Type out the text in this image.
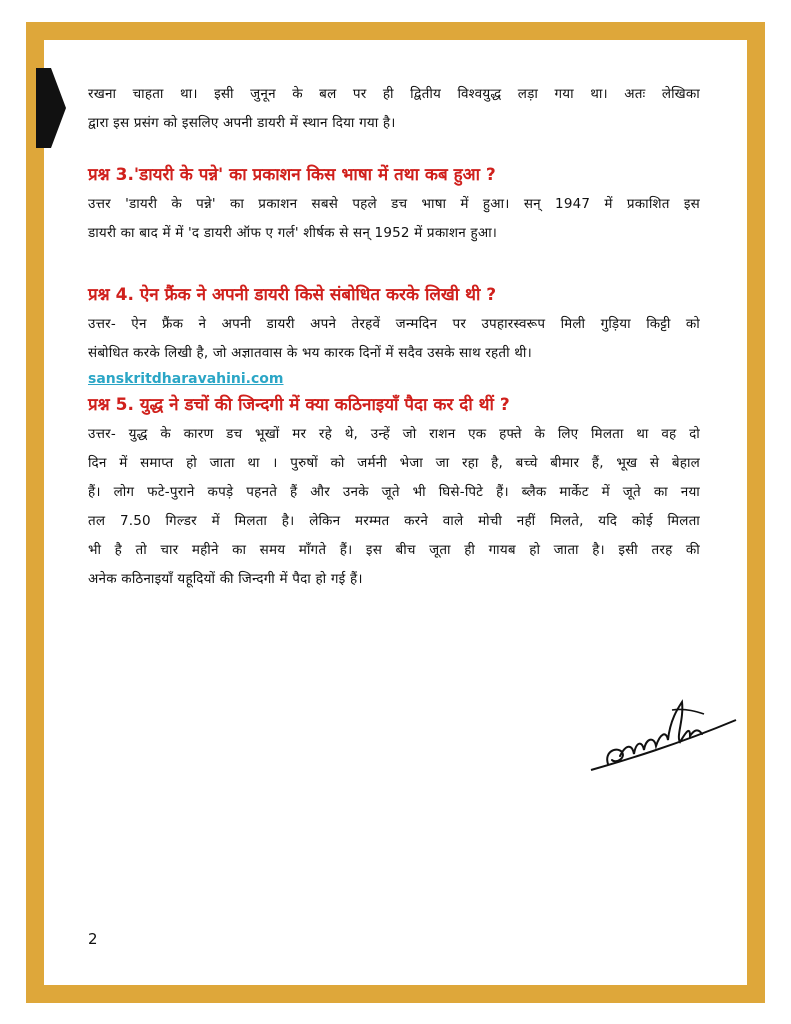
रखना चाहता था। इसी जुनून के बल पर ही द्वितीय विश्वयुद्ध लड़ा गया था। अतः लेखिका
द्वारा इस प्रसंग को इसलिए अपनी डायरी में स्थान दिया गया है।
प्रश्न 3.'डायरी के पन्ने' का प्रकाशन किस भाषा में तथा कब हुआ ?
उत्तर 'डायरी के पन्ने' का प्रकाशन सबसे पहले डच भाषा में हुआ। सन् 1947 में प्रकाशित इस
डायरी का बाद में में 'द डायरी ऑफ ए गर्ल' शीर्षक से सन् 1952 में प्रकाशन हुआ।
प्रश्न 4. ऐन फ्रैंक ने अपनी डायरी किसे संबोधित करके लिखी थी ?
उत्तर- ऐन फ्रैंक ने अपनी डायरी अपने तेरहवें जन्मदिन पर उपहारस्वरूप मिली गुड़िया किट्टी को
संबोधित करके लिखी है, जो अज्ञातवास के भय कारक दिनों में सदैव उसके साथ रहती थी।
sanskritdharavahini.com
प्रश्न 5. युद्ध ने डचों की जिन्दगी में क्या कठिनाइयाँ पैदा कर दी थीं ?
उत्तर- युद्ध के कारण डच भूखों मर रहे थे, उन्हें जो राशन एक हफ्ते के लिए मिलता था वह दो
दिन में समाप्त हो जाता था । पुरुषों को जर्मनी भेजा जा रहा है, बच्चे बीमार हैं, भूख से बेहाल
हैं। लोग फटे-पुराने कपड़े पहनते हैं और उनके जूते भी घिसे-पिटे हैं। ब्लैक मार्केट में जूते का नया
तल 7.50 गिल्डर में मिलता है। लेकिन मरम्मत करने वाले मोची नहीं मिलते, यदि कोई मिलता
भी है तो चार महीने का समय माँगते हैं। इस बीच जूता ही गायब हो जाता है। इसी तरह की
अनेक कठिनाइयाँ यहूदियों की जिन्दगी में पैदा हो गई हैं।
2
